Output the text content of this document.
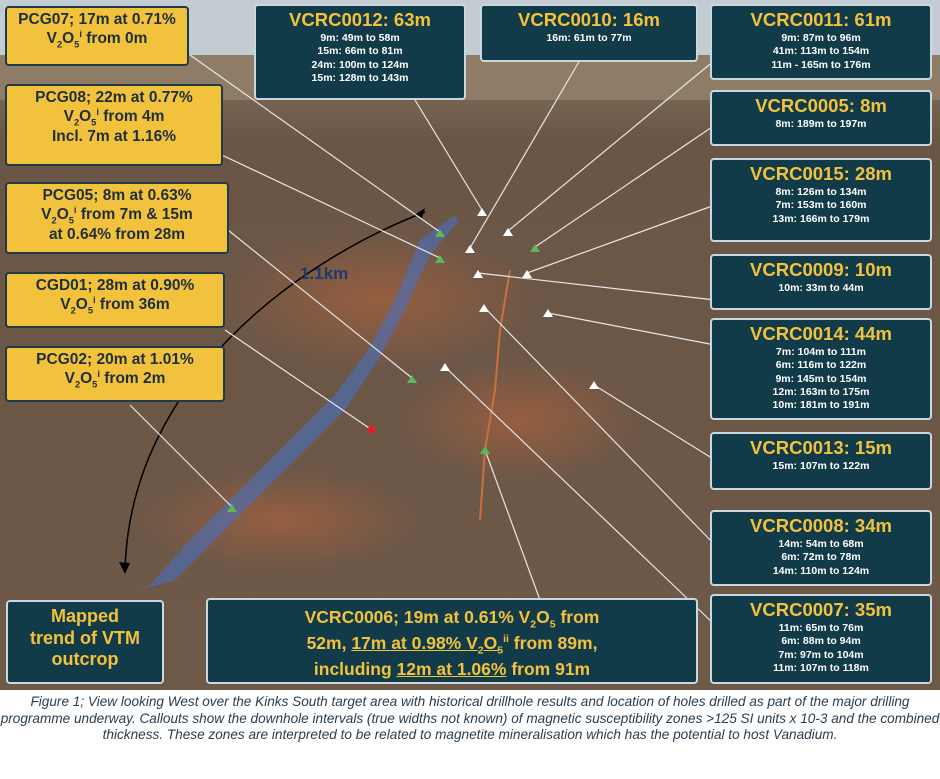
1.1km
PCG07; 17m at 0.71%
$V_2O_5^i$ from 0m
PCG08; 22m at 0.77%
$V_2O_5^i$ from 4m
Incl. 7m at 1.16%
PCG05; 8m at 0.63%
$V_2O_5^i$ from 7m & 15m
at 0.64% from 28m
CGD01; 28m at 0.90%
$V_2O_5^i$ from 36m
PCG02; 20m at 1.01%
$V_2O_5^i$ from 2m
VCRC0012: 63m
9m: 49m to 58m
15m: 66m to 81m
24m: 100m to 124m
15m: 128m to 143m
VCRC0010: 16m
16m: 61m to 77m
VCRC0011: 61m
9m: 87m to 96m
41m: 113m to 154m
11m - 165m to 176m
VCRC0005: 8m
8m: 189m to 197m
VCRC0015: 28m
8m: 126m to 134m
7m: 153m to 160m
13m: 166m to 179m
VCRC0009: 10m
10m: 33m to 44m
VCRC0014: 44m
7m: 104m to 111m
6m: 116m to 122m
9m: 145m to 154m
12m: 163m to 175m
10m: 181m to 191m
VCRC0013: 15m
15m: 107m to 122m
VCRC0008: 34m
14m: 54m to 68m
6m: 72m to 78m
14m: 110m to 124m
VCRC0007: 35m
11m: 65m to 76m
6m: 88m to 94m
7m: 97m to 104m
11m: 107m to 118m
Mapped
trend of VTM
outcrop
VCRC0006; 19m at 0.61% $V_2O_5$ from
52m, 17m at 0.98% $V_2O_5^{ii}$ from 89m,
including 12m at 1.06% from 91m
Figure 1; View looking West over the Kinks South target area with historical drillhole results and location of holes drilled as part of the major drilling programme underway. Callouts show the downhole intervals (true widths not known) of magnetic susceptibility zones >125 SI units x 10-3 and the combined thickness. These zones are interpreted to be related to magnetite mineralisation which has the potential to host Vanadium.
